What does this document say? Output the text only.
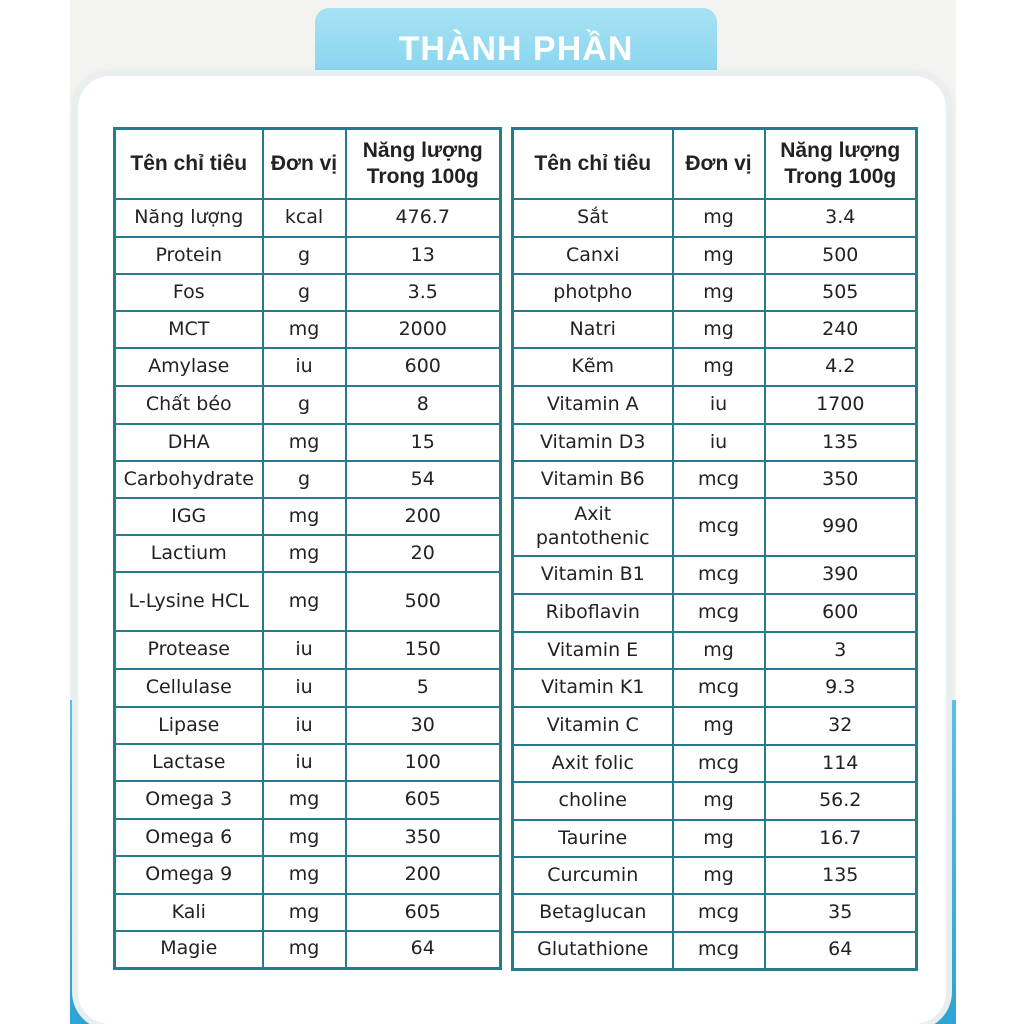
THÀNH PHẦN
Tên chỉ tiêu	Đơn vị	Năng lượng
Trong 100g
Năng lượng	kcal	476.7
Protein	g	13
Fos	g	3.5
MCT	mg	2000
Amylase	iu	600
Chất béo	g	8
DHA	mg	15
Carbohydrate	g	54
IGG	mg	200
Lactium	mg	20
L-Lysine HCL	mg	500
Protease	iu	150
Cellulase	iu	5
Lipase	iu	30
Lactase	iu	100
Omega 3	mg	605
Omega 6	mg	350
Omega 9	mg	200
Kali	mg	605
Magie	mg	64
Tên chỉ tiêu	Đơn vị	Năng lượng
Trong 100g
Sắt	mg	3.4
Canxi	mg	500
photpho	mg	505
Natri	mg	240
Kẽm	mg	4.2
Vitamin A	iu	1700
Vitamin D3	iu	135
Vitamin B6	mcg	350
Axit pantothenic	mcg	990
Vitamin B1	mcg	390
Riboflavin	mcg	600
Vitamin E	mg	3
Vitamin K1	mcg	9.3
Vitamin C	mg	32
Axit folic	mcg	114
choline	mg	56.2
Taurine	mg	16.7
Curcumin	mg	135
Betaglucan	mcg	35
Glutathione	mcg	64
